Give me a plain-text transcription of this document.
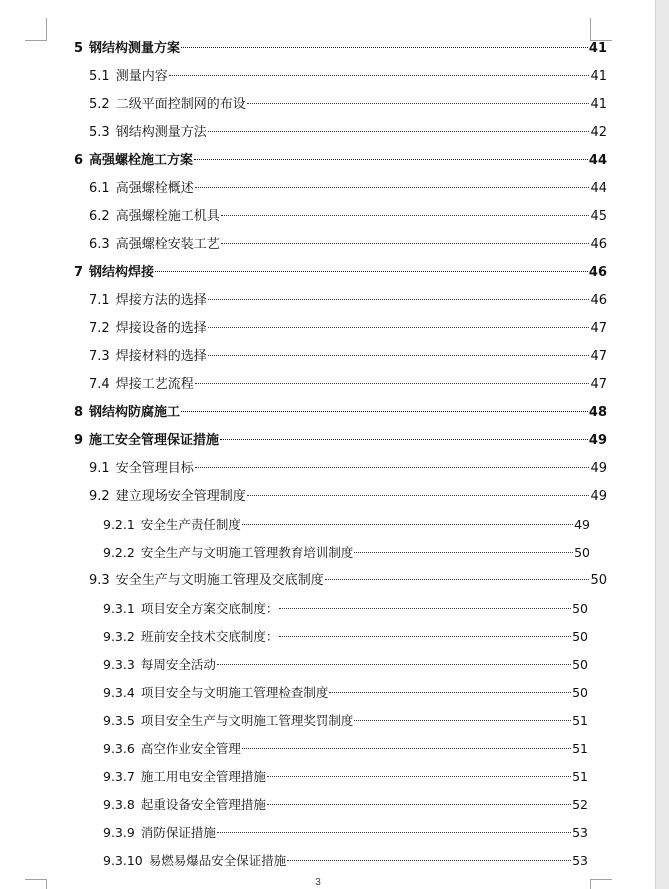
5 钢结构测量方案	41
5.1 测量内容	41
5.2 二级平面控制网的布设	41
5.3 钢结构测量方法	42
6 高强螺栓施工方案	44
6.1 高强螺栓概述	44
6.2 高强螺栓施工机具	45
6.3 高强螺栓安装工艺	46
7 钢结构焊接	46
7.1 焊接方法的选择	46
7.2 焊接设备的选择	47
7.3 焊接材料的选择	47
7.4 焊接工艺流程	47
8 钢结构防腐施工	48
9 施工安全管理保证措施	49
9.1 安全管理目标	49
9.2 建立现场安全管理制度	49
9.2.1 安全生产责任制度	49
9.2.2 安全生产与文明施工管理教育培训制度	50
9.3 安全生产与文明施工管理及交底制度	50
9.3.1 项目安全方案交底制度：	50
9.3.2 班前安全技术交底制度：	50
9.3.3 每周安全活动	50
9.3.4 项目安全与文明施工管理检查制度	50
9.3.5 项目安全生产与文明施工管理奖罚制度	51
9.3.6 高空作业安全管理	51
9.3.7 施工用电安全管理措施	51
9.3.8 起重设备安全管理措施	52
9.3.9 消防保证措施	53
9.3.10 易燃易爆品安全保证措施	53
3
